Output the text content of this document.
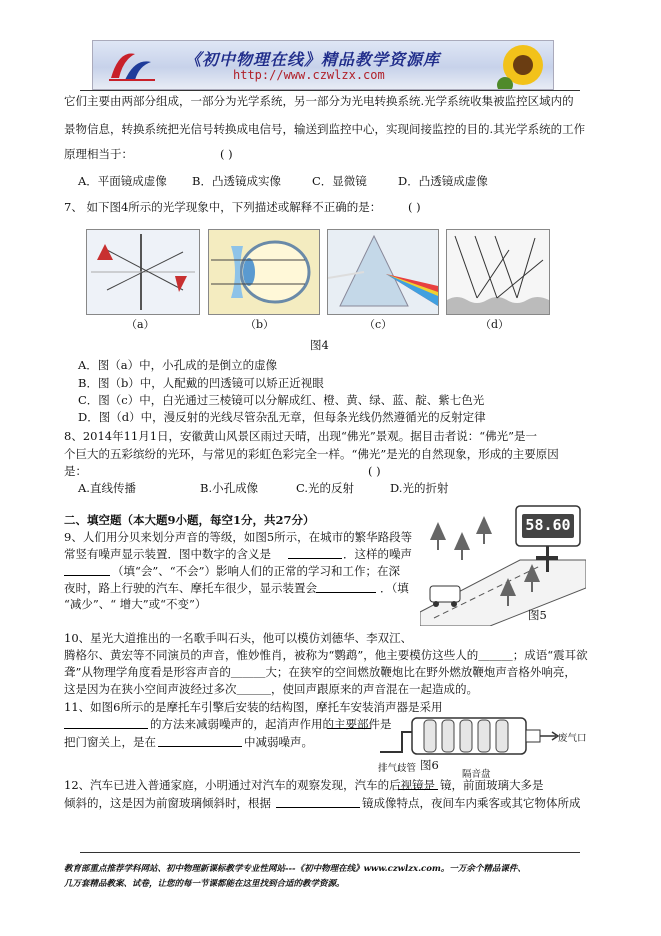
《初中物理在线》精品教学资源库
http://www.czwlzx.com
它们主要由两部分组成，一部分为光学系统，另一部分为光电转换系统.光学系统收集被监控区域内的
景物信息，转换系统把光信号转换成电信号，输送到监控中心，实现间接监控的目的.其光学系统的工作
原理相当于：	( )
A．平面镜成虚像 B．凸透镜成实像	C．显微镜	D．凸透镜成虚像
7、 如下图4所示的光学现象中，下列描述或解释不正确的是： ( )
（a）	（b）	（c）	（d）
图4
A．图（a）中，小孔成的是倒立的虚像
B．图（b）中，人配戴的凹透镜可以矫正近视眼
C．图（c）中，白光通过三棱镜可以分解成红、橙、黄、绿、蓝、靛、紫七色光
D．图（d）中，漫反射的光线尽管杂乱无章，但每条光线仍然遵循光的反射定律
8、2014年11月1日，安徽黄山风景区雨过天晴，出现“佛光”景观。据目击者说：“佛光”是一
个巨大的五彩缤纷的光环，与常见的彩虹色彩完全一样。“佛光”是光的自然现象，形成的主要原因
是：	( )
A.直线传播	B.小孔成像	C.光的反射	D.光的折射
二、填空题（本大题9小题，每空1分，共27分）	58.60
图5
9、人们用分贝来划分声音的等级，如图5所示，在城市的繁华路段等
常竖有噪声显示装置．图中数字的含义是	．这样的噪声
（填“会”、“不会”）影响人们的正常的学习和工作；在深
夜时，路上行驶的汽车、摩托车很少，显示装置会	．（填
“减少”、“ 增大”或“不变”）
10、星光大道推出的一名歌手叫石头，他可以模仿刘德华、李双江、
腾格尔、黄宏等不同演员的声音，惟妙惟肖，被称为“鹦鹉”，他主要模仿这些人的＿＿＿；成语“震耳欲
聋”从物理学角度看是形容声音的＿＿＿大；在狭窄的空间燃放鞭炮比在野外燃放鞭炮声音格外响亮，
这是因为在狭小空间声波经过多次＿＿＿，使回声跟原来的声音混在一起造成的。
11、如图6所示的是摩托车引擎后安装的结构图，摩托车安装消声器是采用
的方法来减弱噪声的，起消声作用的主要部件是
把门窗关上，是在	中减弱噪声。	废气口
排气歧管 图6
隔音盘
12、汽车已进入普通家庭，小明通过对汽车的观察发现，汽车的后视镜是 镜，前面玻璃大多是
倾斜的，这是因为前窗玻璃倾斜时，根据	镜成像特点，夜间车内乘客或其它物体所成
教育部重点推荐学科网站、初中物理新课标教学专业性网站---《初中物理在线》www.czwlzx.com。一万余个精品课件、
几万套精品教案、试卷，让您的每一节课都能在这里找到合适的教学资源。
